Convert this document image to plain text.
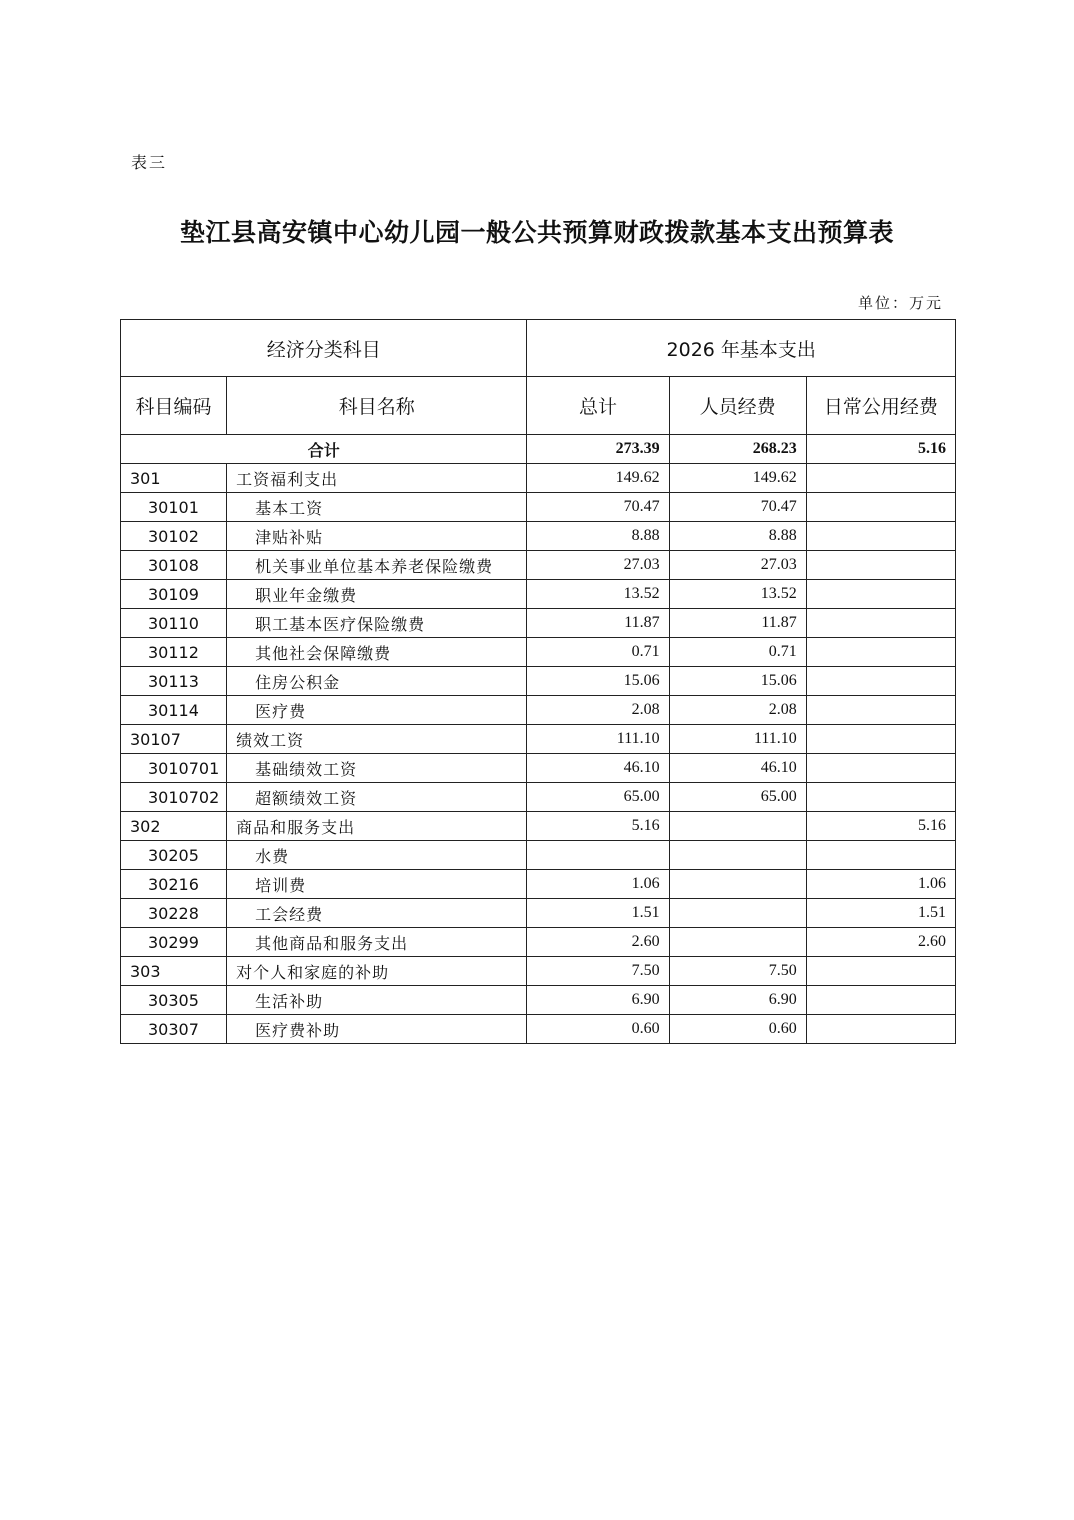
表三
垫江县高安镇中心幼儿园一般公共预算财政拨款基本支出预算表
单位：万元
经济分类科目		2026 年基本支出		
科目编码	科目名称	总计	人员经费	日常公用经费
合计		273.39	268.23	5.16
301	工资福利支出	149.62	149.62	
30101	基本工资	70.47	70.47	
30102	津贴补贴	8.88	8.88	
30108	机关事业单位基本养老保险缴费	27.03	27.03	
30109	职业年金缴费	13.52	13.52	
30110	职工基本医疗保险缴费	11.87	11.87	
30112	其他社会保障缴费	0.71	0.71	
30113	住房公积金	15.06	15.06	
30114	医疗费	2.08	2.08	
30107	绩效工资	111.10	111.10	
3010701	基础绩效工资	46.10	46.10	
3010702	超额绩效工资	65.00	65.00	
302	商品和服务支出	5.16		5.16
30205	水费			
30216	培训费	1.06		1.06
30228	工会经费	1.51		1.51
30299	其他商品和服务支出	2.60		2.60
303	对个人和家庭的补助	7.50	7.50	
30305	生活补助	6.90	6.90	
30307	医疗费补助	0.60	0.60	
